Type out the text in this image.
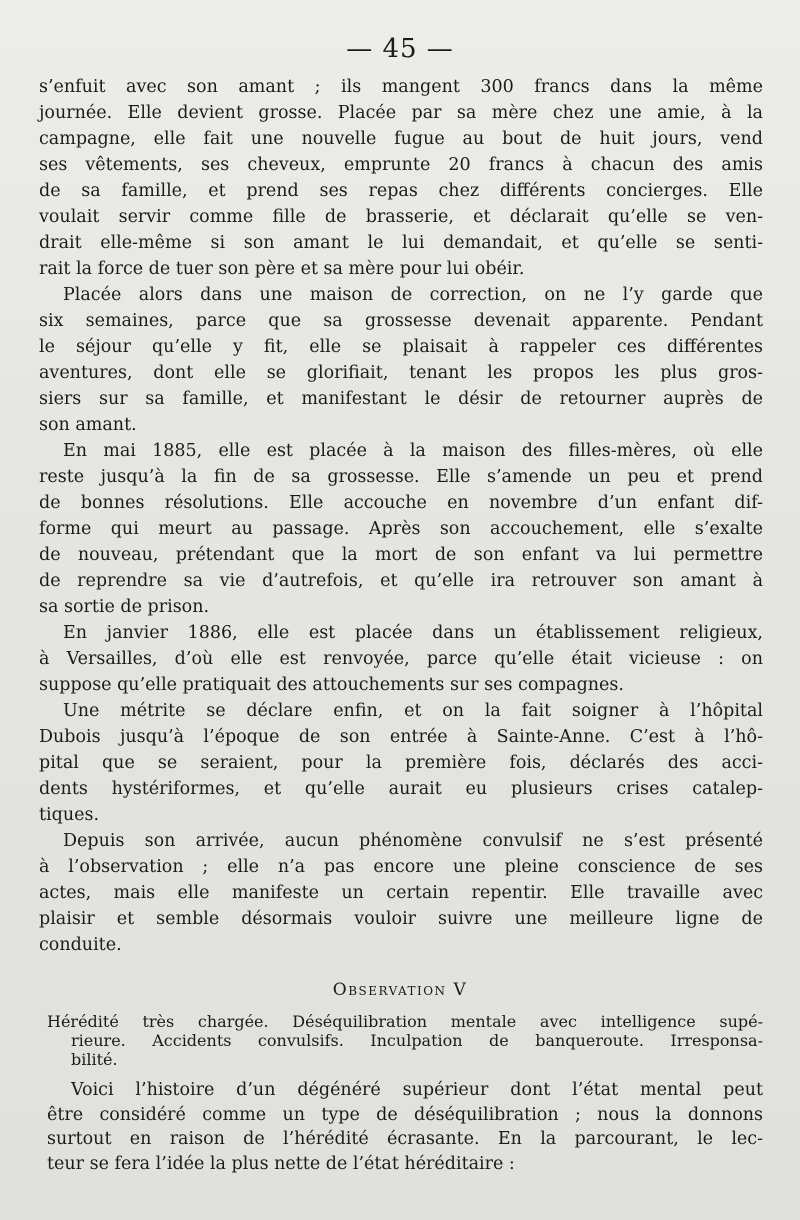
— 45 —
s’enfuit avec son amant ; ils mangent 300 francs dans la même
journée. Elle devient grosse. Placée par sa mère chez une amie, à la
campagne, elle fait une nouvelle fugue au bout de huit jours, vend
ses vêtements, ses cheveux, emprunte 20 francs à chacun des amis
de sa famille, et prend ses repas chez différents concierges. Elle
voulait servir comme fille de brasserie, et déclarait qu’elle se ven-
drait elle-même si son amant le lui demandait, et qu’elle se senti-
rait la force de tuer son père et sa mère pour lui obéir.
Placée alors dans une maison de correction, on ne l’y garde que
six semaines, parce que sa grossesse devenait apparente. Pendant
le séjour qu’elle y fit, elle se plaisait à rappeler ces différentes
aventures, dont elle se glorifiait, tenant les propos les plus gros-
siers sur sa famille, et manifestant le désir de retourner auprès de
son amant.
En mai 1885, elle est placée à la maison des filles-mères, où elle
reste jusqu’à la fin de sa grossesse. Elle s’amende un peu et prend
de bonnes résolutions. Elle accouche en novembre d’un enfant dif-
forme qui meurt au passage. Après son accouchement, elle s’exalte
de nouveau, prétendant que la mort de son enfant va lui permettre
de reprendre sa vie d’autrefois, et qu’elle ira retrouver son amant à
sa sortie de prison.
En janvier 1886, elle est placée dans un établissement religieux,
à Versailles, d’où elle est renvoyée, parce qu’elle était vicieuse : on
suppose qu’elle pratiquait des attouchements sur ses compagnes.
Une métrite se déclare enfin, et on la fait soigner à l’hôpital
Dubois jusqu’à l’époque de son entrée à Sainte-Anne. C’est à l’hô-
pital que se seraient, pour la première fois, déclarés des acci-
dents hystériformes, et qu’elle aurait eu plusieurs crises catalep-
tiques.
Depuis son arrivée, aucun phénomène convulsif ne s’est présenté
à l’observation ; elle n’a pas encore une pleine conscience de ses
actes, mais elle manifeste un certain repentir. Elle travaille avec
plaisir et semble désormais vouloir suivre une meilleure ligne de
conduite.
Observation V
Hérédité très chargée. Déséquilibration mentale avec intelligence supé-
rieure. Accidents convulsifs. Inculpation de banqueroute. Irresponsa-
bilité.
Voici l’histoire d’un dégénéré supérieur dont l’état mental peut
être considéré comme un type de déséquilibration ; nous la donnons
surtout en raison de l’hérédité écrasante. En la parcourant, le lec-
teur se fera l’idée la plus nette de l’état héréditaire :
